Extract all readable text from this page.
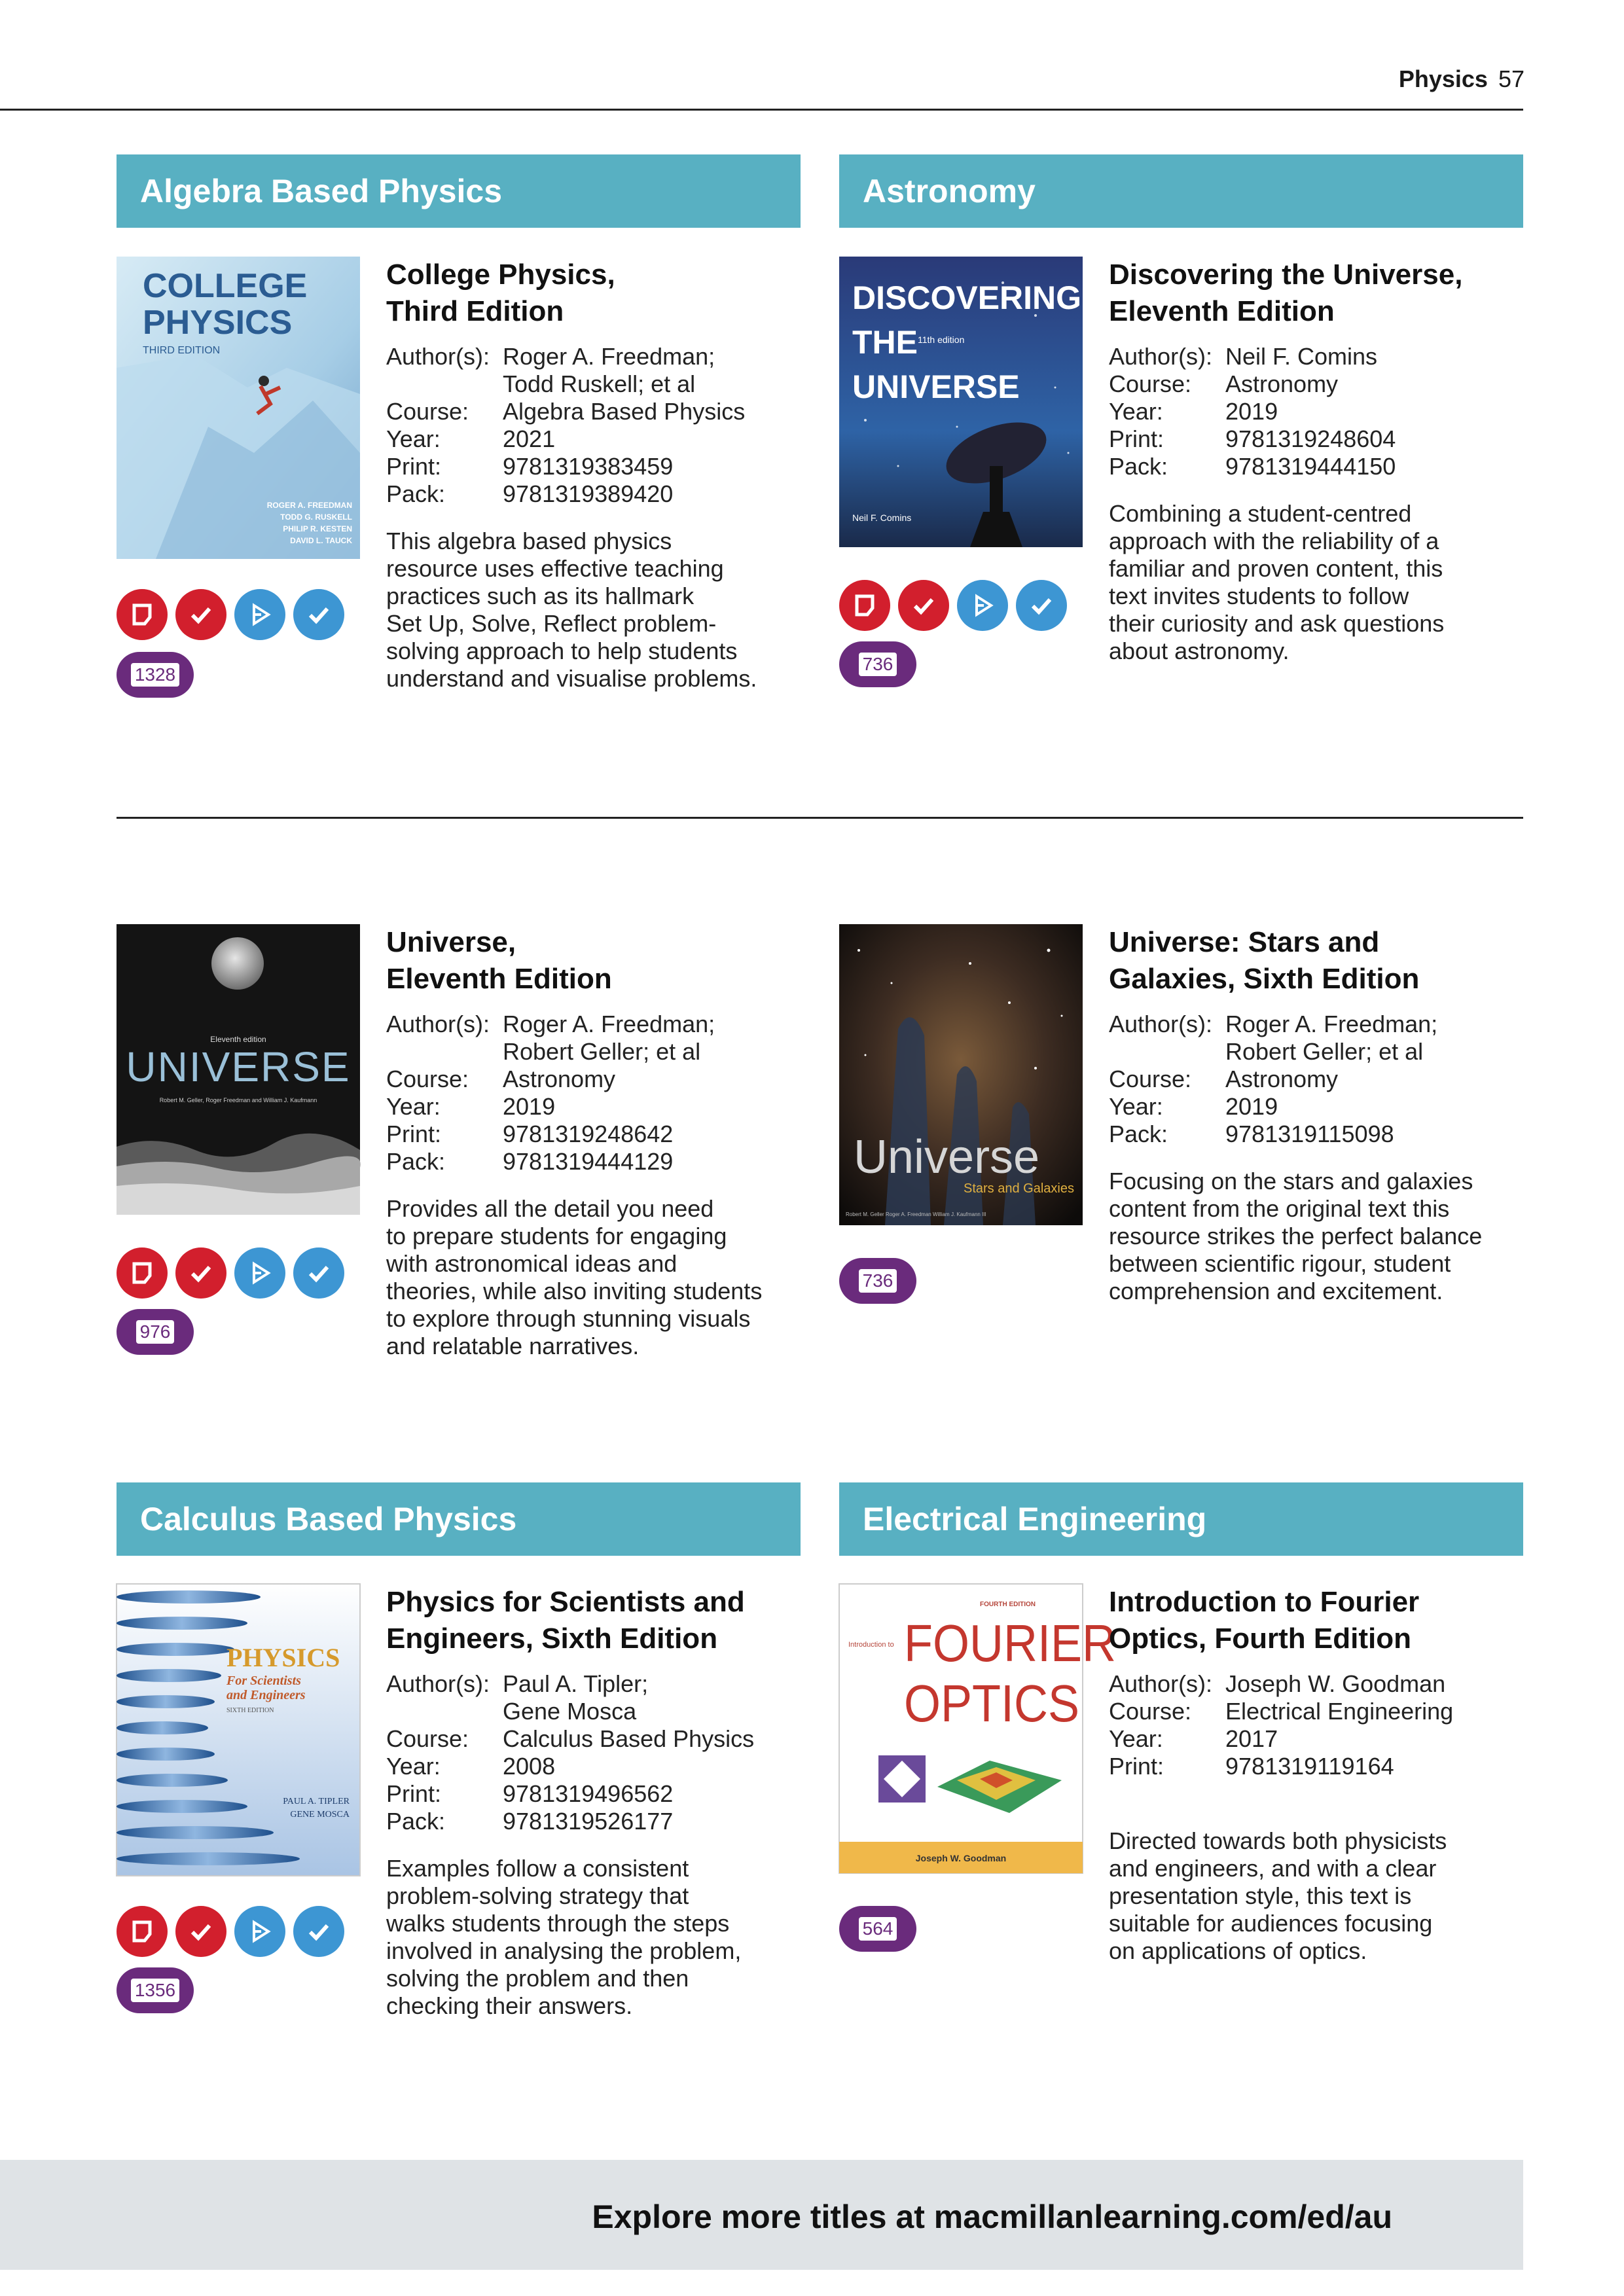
Physics 57
Algebra Based Physics	Astronomy
Calculus Based Physics	Electrical Engineering
COLLEGE
PHYSICS
THIRD EDITION
ROGER A. FREEDMAN
TODD G. RUSKELL
PHILIP R. KESTEN
DAVID L. TAUCK
1328
College Physics,
Third Edition
Author(s): Roger A. Freedman;
Todd Ruskell; et al
Course:	Algebra Based Physics
Year:	2021
Print:	9781319383459
Pack:	9781319389420
This algebra based physics
resource uses effective teaching
practices such as its hallmark
Set Up, Solve, Reflect problem-
solving approach to help students
understand and visualise problems.
DISCOVERING
THE 11th edition
UNIVERSE
Neil F. Comins
736
Discovering the Universe,
Eleventh Edition
Author(s): Neil F. Comins
Course:	Astronomy
Year:	2019
Print:	9781319248604
Pack:	9781319444150
Combining a student-centred
approach with the reliability of a
familiar and proven content, this
text invites students to follow
their curiosity and ask questions
about astronomy.
Eleventh edition
UNIVERSE
Robert M. Geller, Roger Freedman and William J. Kaufmann
976
Universe,
Eleventh Edition
Author(s): Roger A. Freedman;
Robert Geller; et al
Course:	Astronomy
Year:	2019
Print:	9781319248642
Pack:	9781319444129
Provides all the detail you need
to prepare students for engaging
with astronomical ideas and
theories, while also inviting students
to explore through stunning visuals
and relatable narratives.
Universe
Stars and Galaxies
Robert M. Geller Roger A. Freedman William J. Kaufmann III
736
Universe: Stars and
Galaxies, Sixth Edition
Author(s): Roger A. Freedman;
Robert Geller; et al
Course:	Astronomy
Year:	2019
Pack:	9781319115098
Focusing on the stars and galaxies
content from the original text this
resource strikes the perfect balance
between scientific rigour, student
comprehension and excitement.
PHYSICS
For Scientists
and Engineers
SIXTH EDITION
PAUL A. TIPLER
GENE MOSCA
1356
Physics for Scientists and
Engineers, Sixth Edition
Author(s): Paul A. Tipler;
Gene Mosca
Course:	Calculus Based Physics
Year:	2008
Print:	9781319496562
Pack:	9781319526177
Examples follow a consistent
problem-solving strategy that
walks students through the steps
involved in analysing the problem,
solving the problem and then
checking their answers.
FOURTH EDITION
Introduction to FOURIER
OPTICS
Joseph W. Goodman
564
Introduction to Fourier
Optics, Fourth Edition
Author(s): Joseph W. Goodman
Course:	Electrical Engineering
Year:	2017
Print:	9781319119164
Directed towards both physicists
and engineers, and with a clear
presentation style, this text is
suitable for audiences focusing
on applications of optics.
Explore more titles at macmillanlearning.com/ed/au
